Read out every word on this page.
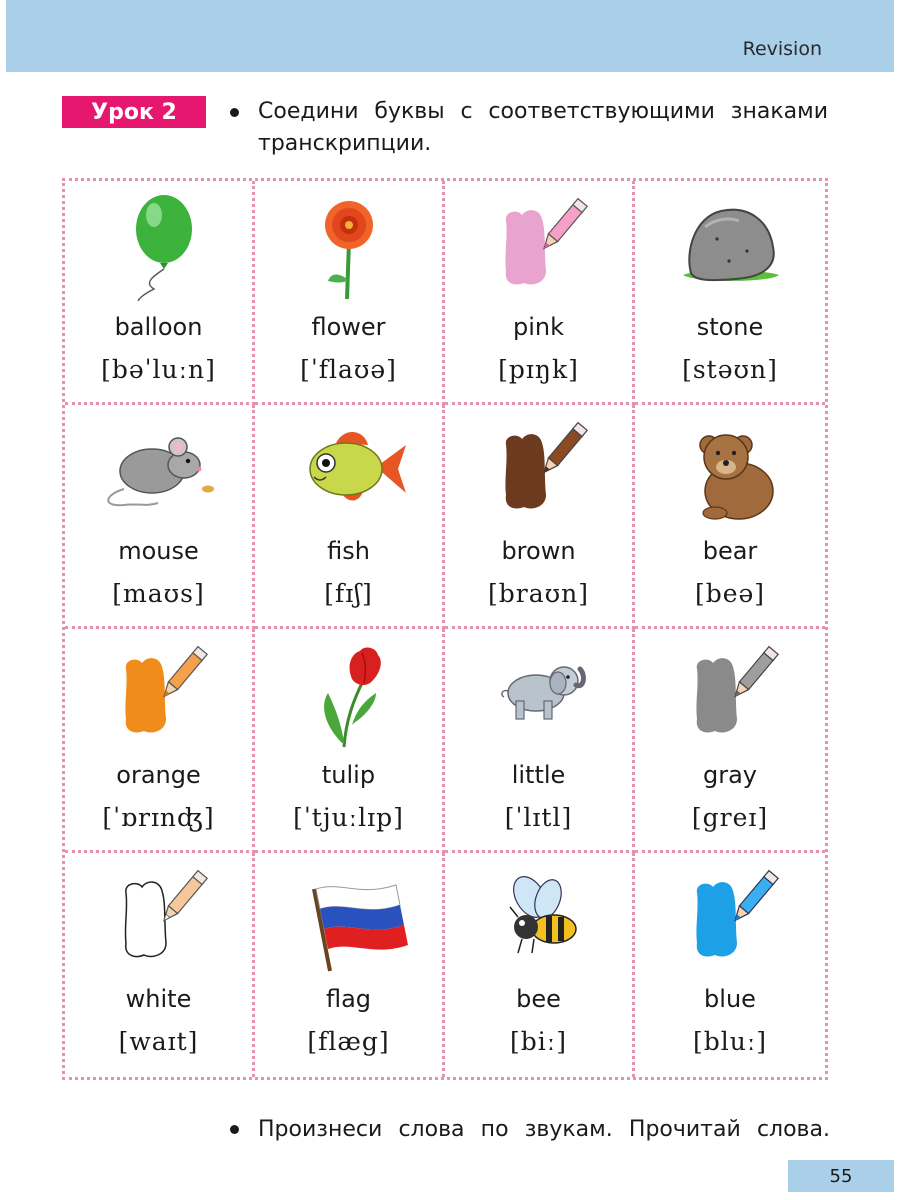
Revision
Урок 2	Соедини буквы с соответствующими знаками транскрипции.
balloon
[bəˈluːn]
flower
[ˈflaʊə]
pink
[pɪŋk]
stone
[stəʊn]
mouse
[maʊs]
fish
[fɪʃ]
brown
[braʊn]
bear
[beə]
orange
[ˈɒrɪnʤ]
tulip
[ˈtjuːlɪp]
little
[ˈlɪtl]
gray
[greɪ]
white
[waɪt]
flag
[flæg]
bee
[biː]
blue
[bluː]
Произнеси слова по звукам. Прочитай слова.
55
